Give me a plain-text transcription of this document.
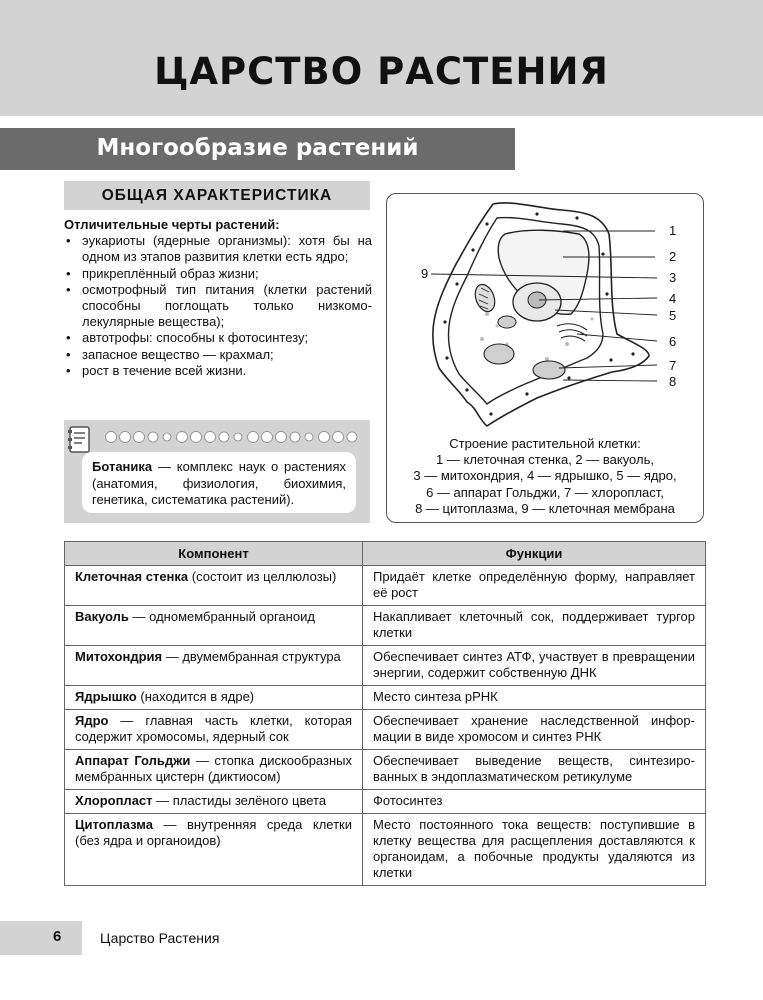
ЦАРСТВО РАСТЕНИЯ
Многообразие растений
ОБЩАЯ ХАРАКТЕРИСТИКА
Отличительные черты растений:
• эукариоты (ядерные организмы): хотя бы на одном из этапов развития клетки есть ядро;
• прикреплённый образ жизни;
• осмотрофный тип питания (клетки растений способны поглощать только низкомолекулярные вещества);
• автотрофы: способны к фотосинтезу;
• запасное вещество — крахмал;
• рост в течение всей жизни.
Ботаника — комплекс наук о растениях (анатомия, физиология, биохимия, генетика, систематика растений).
1
2
3
4
5
6
7
8
9
Строение растительной клетки:
1 — клеточная стенка, 2 — вакуоль,
3 — митохондрия, 4 — ядрышко, 5 — ядро,
6 — аппарат Гольджи, 7 — хлоропласт,
8 — цитоплазма, 9 — клеточная мембрана
Компонент	Функции
Клеточная стенка (состоит из целлюлозы)	Придаёт клетке определённую форму, направляет её рост
Вакуоль — одномембранный органоид	Накапливает клеточный сок, поддерживает тургор клетки
Митохондрия — двумембранная структура	Обеспечивает синтез АТФ, участвует в превращении энергии, содержит собственную ДНК
Ядрышко (находится в ядре)	Место синтеза рРНК
Ядро — главная часть клетки, которая содержит хромосомы, ядерный сок	Обеспечивает хранение наследственной информации в виде хромосом и синтез РНК
Аппарат Гольджи — стопка дискообразных мембранных цистерн (диктиосом)	Обеспечивает выведение веществ, синтезированных в эндоплазматическом ретикулуме
Хлоропласт — пластиды зелёного цвета	Фотосинтез
Цитоплазма — внутренняя среда клетки (без ядра и органоидов)	Место постоянного тока веществ: поступившие в клетку вещества для расщепления доставляются к органоидам, а побочные продукты удаляются из клетки
6	Царство Растения
